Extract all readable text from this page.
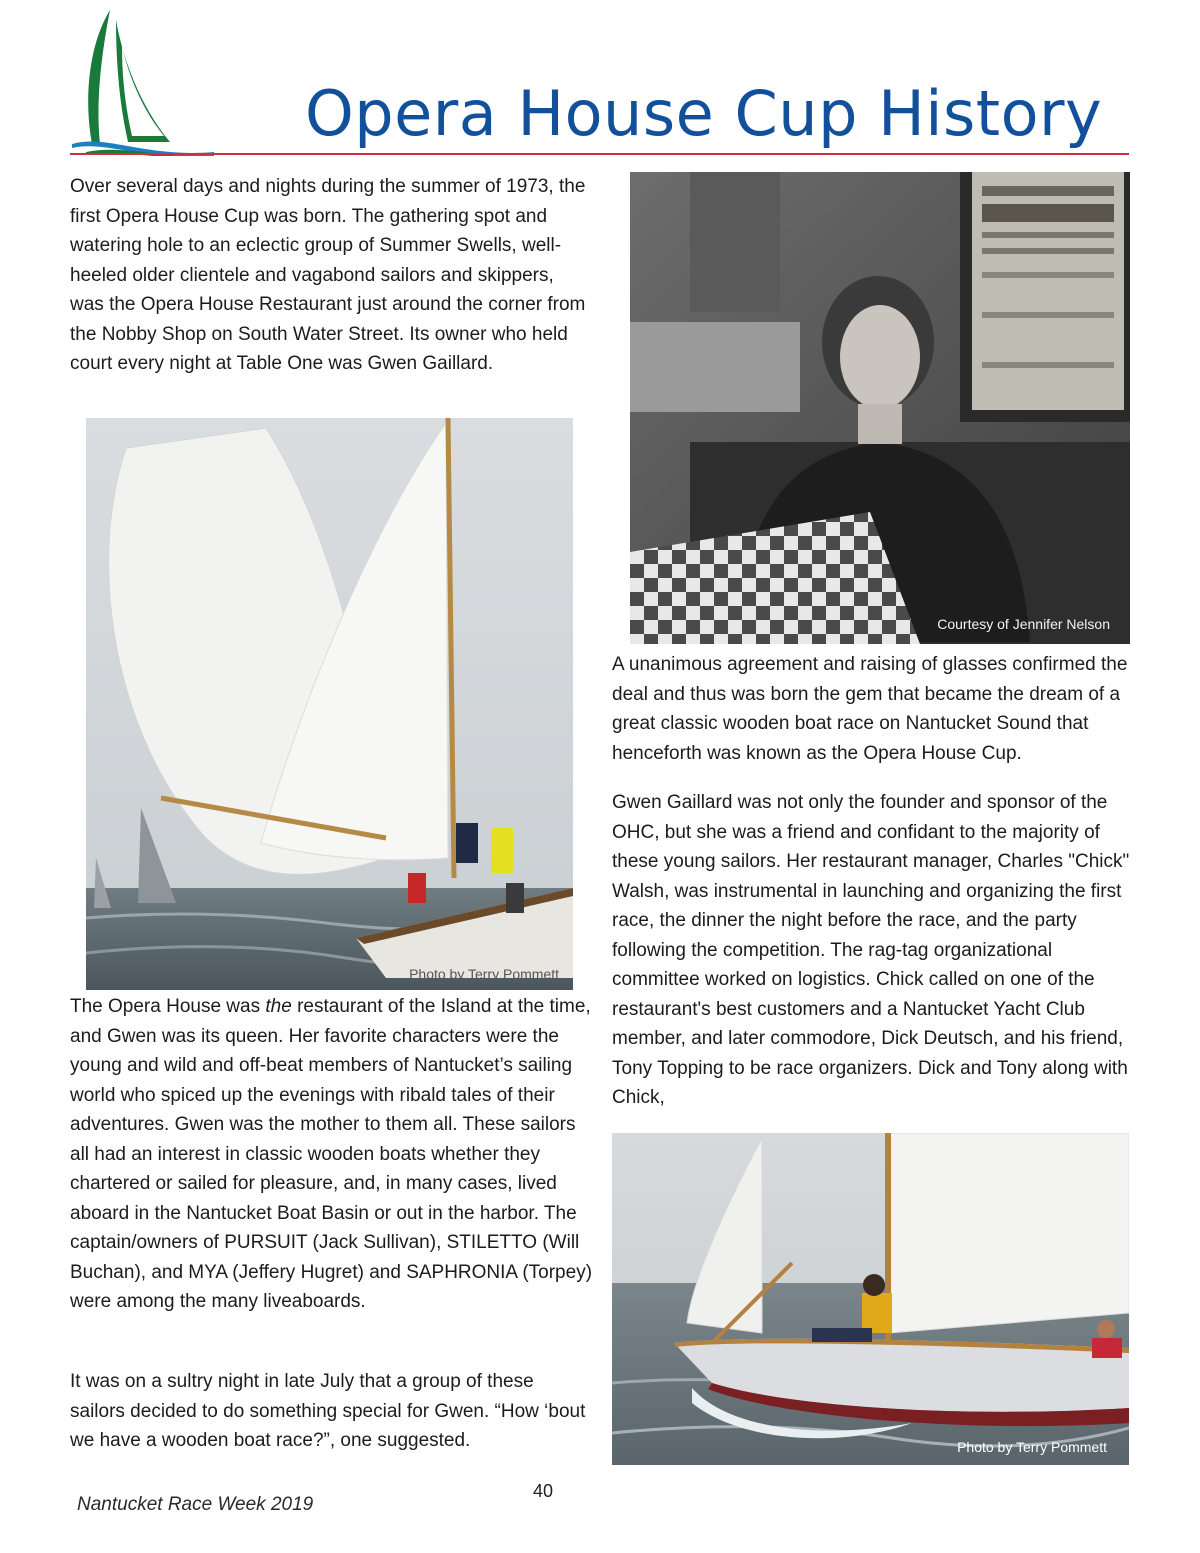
Opera House Cup History

Over several days and nights during the summer of 1973, the first Opera House Cup was born. The gathering spot and watering hole to an eclectic group of Summer Swells, well-heeled older clientele and vagabond sailors and skippers, was the Opera House Restaurant just around the corner from the Nobby Shop on South Water Street. Its owner who held court every night at Table One was Gwen Gaillard.

Photo by Terry Pommett

The Opera House was the restaurant of the Island at the time, and Gwen was its queen. Her favorite characters were the young and wild and off-beat members of Nantucket’s sailing world who spiced up the evenings with ribald tales of their adventures. Gwen was the mother to them all. These sailors all had an interest in classic wooden boats whether they chartered or sailed for pleasure, and, in many cases, lived aboard in the Nantucket Boat Basin or out in the harbor. The captain/owners of PURSUIT (Jack Sullivan), STILETTO (Will Buchan), and MYA (Jeffery Hugret) and SAPHRONIA (Torpey) were among the many liveaboards.

It was on a sultry night in late July that a group of these sailors decided to do something special for Gwen. “How ‘bout we have a wooden boat race?”, one suggested.

Courtesy of Jennifer Nelson

A unanimous agreement and raising of glasses confirmed the deal and thus was born the gem that became the dream of a great classic wooden boat race on Nantucket Sound that henceforth was known as the Opera House Cup.

Gwen Gaillard was not only the founder and sponsor of the OHC, but she was a friend and confidant to the majority of these young sailors. Her restaurant manager, Charles "Chick" Walsh, was instrumental in launching and organizing the first race, the dinner the night before the race, and the party following the competition. The rag-tag organizational committee worked on logistics. Chick called on one of the restaurant's best customers and a Nantucket Yacht Club member, and later commodore, Dick Deutsch, and his friend, Tony Topping to be race organizers. Dick and Tony along with Chick,

Photo by Terry Pommett
40
Nantucket Race Week 2019
